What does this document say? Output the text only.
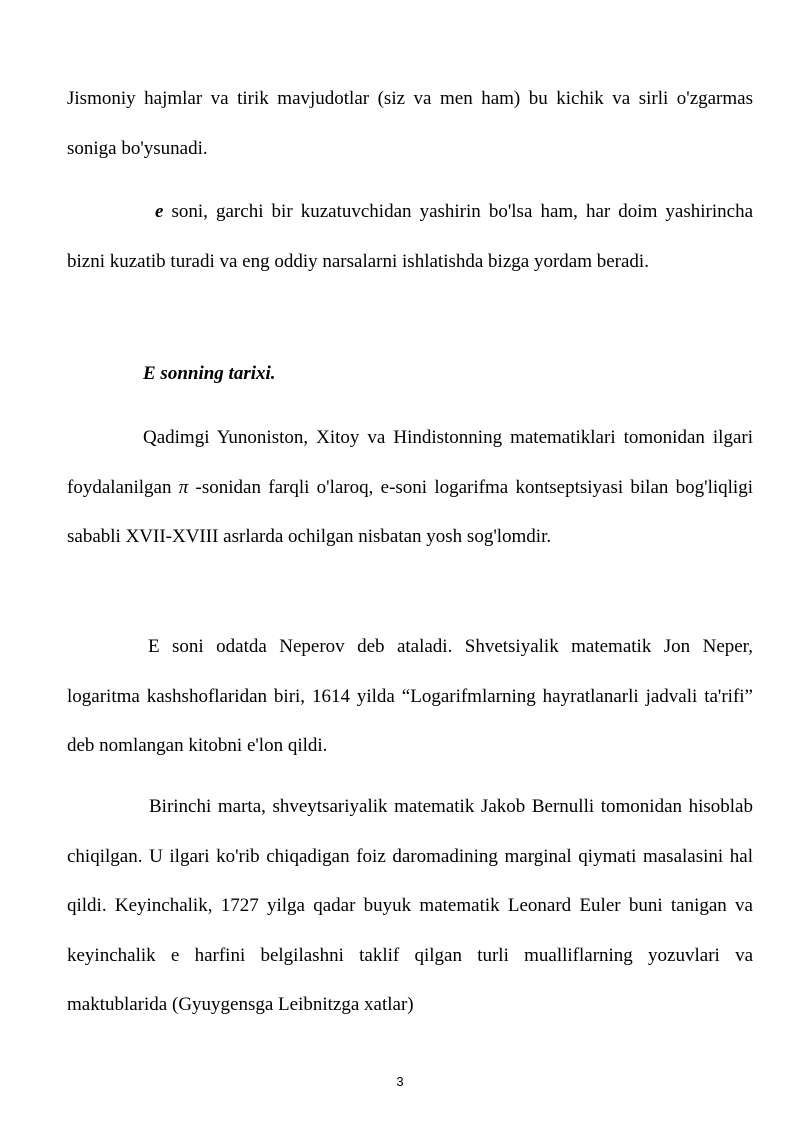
Jismoniy hajmlar va tirik mavjudotlar (siz va men ham) bu kichik va sirli o'zgarmas soniga bo'ysunadi.

e soni, garchi bir kuzatuvchidan yashirin bo'lsa ham, har doim yashirincha bizni kuzatib turadi va eng oddiy narsalarni ishlatishda bizga yordam beradi.

E sonning tarixi.

Qadimgi Yunoniston, Xitoy va Hindistonning matematiklari tomonidan ilgari foydalanilgan π -sonidan farqli o'laroq, e-soni logarifma kontseptsiyasi bilan bog'liqligi sababli XVII-XVIII asrlarda ochilgan nisbatan yosh sog'lomdir.

E soni odatda Neperov deb ataladi. Shvetsiyalik matematik Jon Neper, logaritma kashshoflaridan biri, 1614 yilda “Logarifmlarning hayratlanarli jadvali ta'rifi” deb nomlangan kitobni e'lon qildi.

Birinchi marta, shveytsariyalik matematik Jakob Bernulli tomonidan hisoblab chiqilgan. U ilgari ko'rib chiqadigan foiz daromadining marginal qiymati masalasini hal qildi. Keyinchalik, 1727 yilga qadar buyuk matematik Leonard Euler buni tanigan va keyinchalik e harfini belgilashni taklif qilgan turli mualliflarning yozuvlari va maktublarida (Gyuygensga Leibnitzga xatlar)

3
